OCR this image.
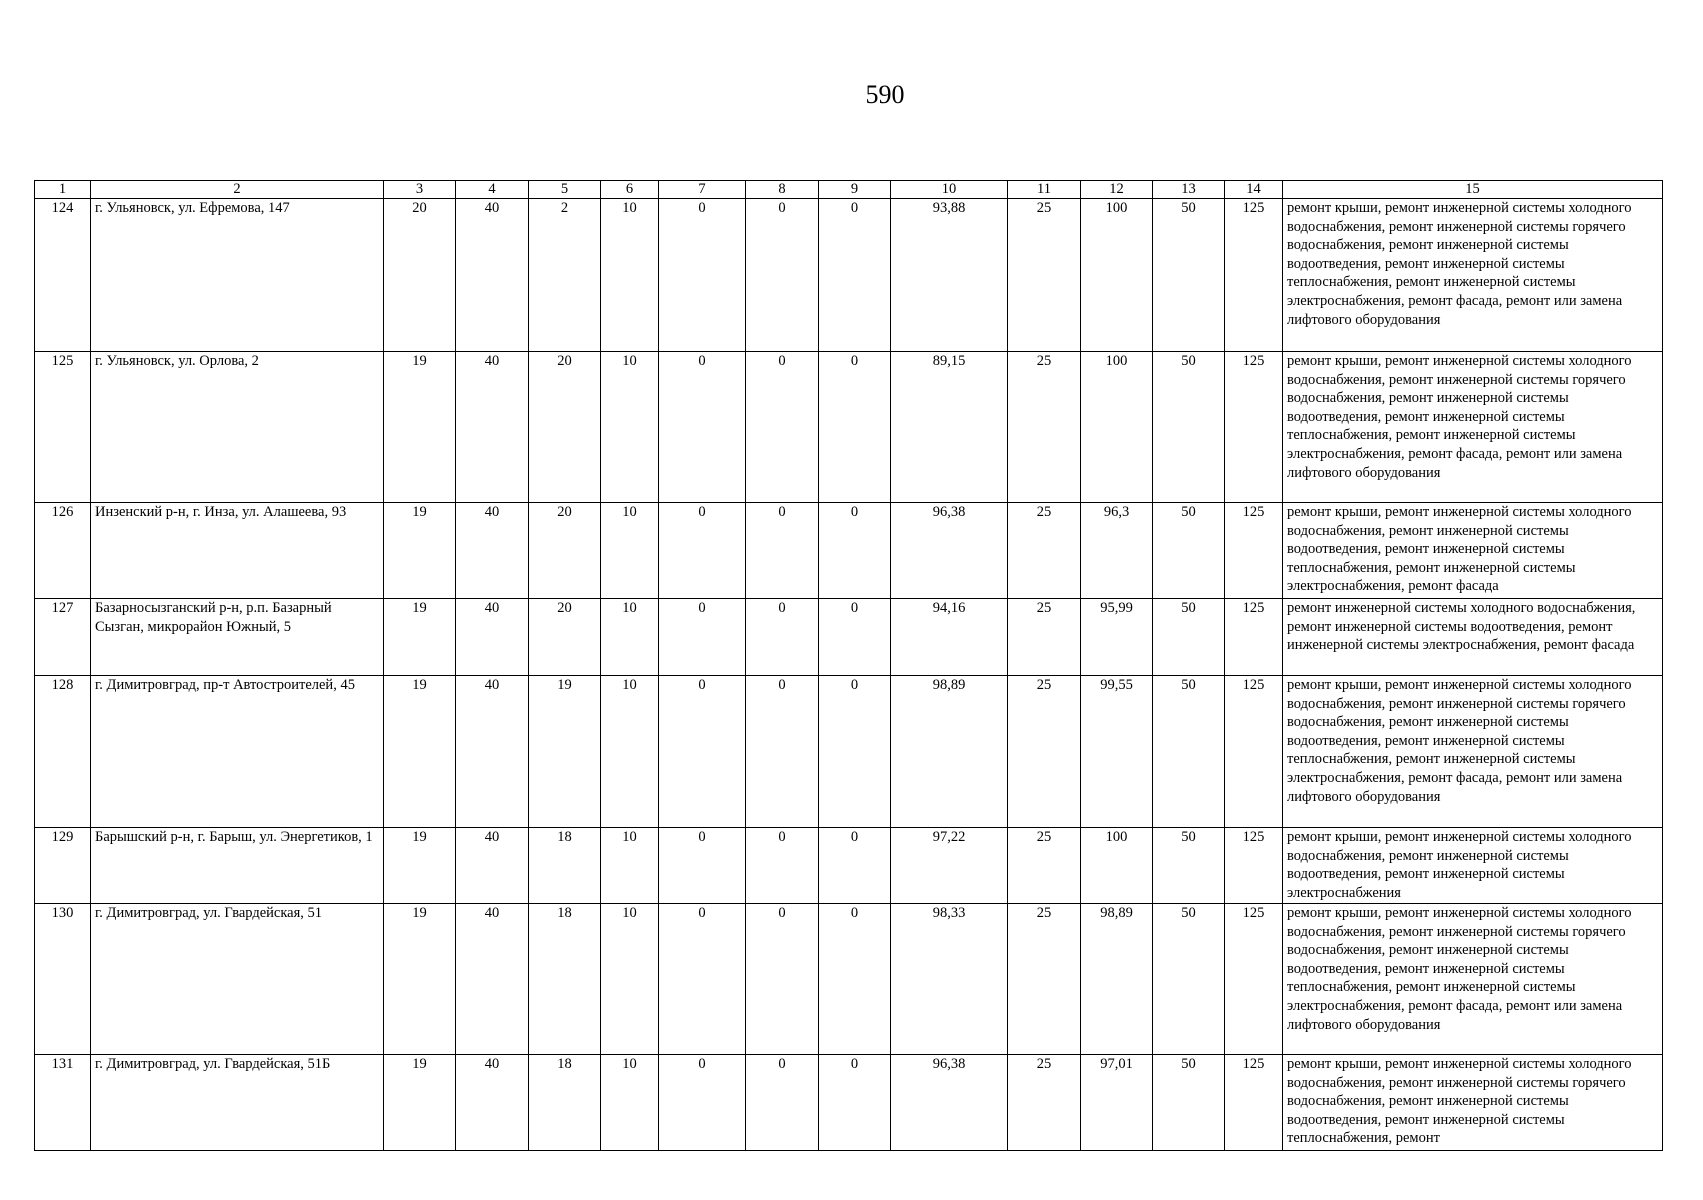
590
1	2	3	4	5	6	7	8	9	10	11	12	13	14	15
124	г. Ульяновск, ул. Ефремова, 147	20	40	2	10	0	0	0	93,88	25	100	50	125	ремонт крыши, ремонт инженерной системы холодного водоснабжения, ремонт инженерной системы горячего водоснабжения, ремонт инженерной системы водоотведения, ремонт инженерной системы теплоснабжения, ремонт инженерной системы электроснабжения, ремонт фасада, ремонт или замена лифтового оборудования
125	г. Ульяновск, ул. Орлова, 2	19	40	20	10	0	0	0	89,15	25	100	50	125	ремонт крыши, ремонт инженерной системы холодного водоснабжения, ремонт инженерной системы горячего водоснабжения, ремонт инженерной системы водоотведения, ремонт инженерной системы теплоснабжения, ремонт инженерной системы электроснабжения, ремонт фасада, ремонт или замена лифтового оборудования
126	Инзенский р-н, г. Инза, ул. Алашеева, 93	19	40	20	10	0	0	0	96,38	25	96,3	50	125	ремонт крыши, ремонт инженерной системы холодного водоснабжения, ремонт инженерной системы водоотведения, ремонт инженерной системы теплоснабжения, ремонт инженерной системы электроснабжения, ремонт фасада
127	Базарносызганский р-н, р.п. Базарный Сызган, микрорайон Южный, 5	19	40	20	10	0	0	0	94,16	25	95,99	50	125	ремонт инженерной системы холодного водоснабжения, ремонт инженерной системы водоотведения, ремонт инженерной системы электроснабжения, ремонт фасада
128	г. Димитровград, пр-т Автостроителей, 45	19	40	19	10	0	0	0	98,89	25	99,55	50	125	ремонт крыши, ремонт инженерной системы холодного водоснабжения, ремонт инженерной системы горячего водоснабжения, ремонт инженерной системы водоотведения, ремонт инженерной системы теплоснабжения, ремонт инженерной системы электроснабжения, ремонт фасада, ремонт или замена лифтового оборудования
129	Барышский р-н, г. Барыш, ул. Энергетиков, 1	19	40	18	10	0	0	0	97,22	25	100	50	125	ремонт крыши, ремонт инженерной системы холодного водоснабжения, ремонт инженерной системы водоотведения, ремонт инженерной системы электроснабжения
130	г. Димитровград, ул. Гвардейская, 51	19	40	18	10	0	0	0	98,33	25	98,89	50	125	ремонт крыши, ремонт инженерной системы холодного водоснабжения, ремонт инженерной системы горячего водоснабжения, ремонт инженерной системы водоотведения, ремонт инженерной системы теплоснабжения, ремонт инженерной системы электроснабжения, ремонт фасада, ремонт или замена лифтового оборудования
131	г. Димитровград, ул. Гвардейская, 51Б	19	40	18	10	0	0	0	96,38	25	97,01	50	125	ремонт крыши, ремонт инженерной системы холодного водоснабжения, ремонт инженерной системы горячего водоснабжения, ремонт инженерной системы водоотведения, ремонт инженерной системы теплоснабжения, ремонт
